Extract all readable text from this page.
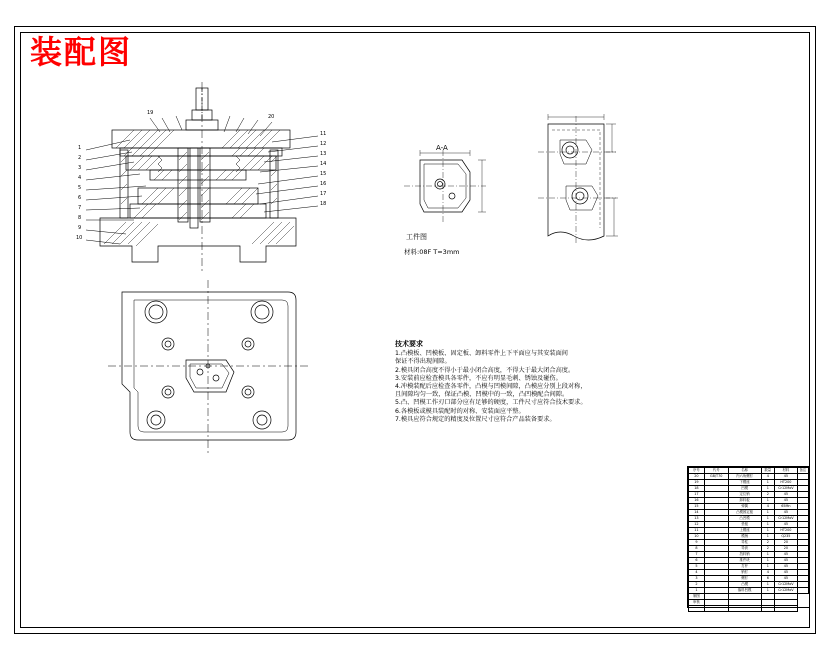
装配图
1
2
3
4
5
6
7
8
9
10
11
12
13
14
15
16
17
18
19
20
A-A
工件图
材料:08F T=3mm
技术要求
1.凸模板、凹模板、固定板、卸料零件上下平面应与其安装面间
保证不得出现间隙。
2.模具闭合高度不得小于最小闭合高度，不得大于最大闭合高度。
3.安装前应检查模具各零件，不应有明显毛刺、锈蚀及碰伤。
4.冲模装配后应检查各零件，凸模与凹模间隙，凸模应分别上段对称，
且间隙均匀一致，保证凸模、凹模中的一致，凸凹模配合间隙。
5.凸、凹模工作刃口部分应有足够的硬度，工件尺寸应符合技术要求。
6.各模板或模具装配时的对称、安装面应平整。
7.模具应符合规定的精度及位置尺寸应符合产品装备要求。
序号	代号	名称	数量	材料	备注
20	GB/T70	内六角螺钉	4	45	
19		下模座	1	HT200	
18		凹模	1	Cr12MoV	
17		定位销	2	45	
16		卸料板	1	45	
15		弹簧	4	65Mn	
14		凸模固定板	1	45	
13		凸凹模	1	Cr12MoV	
12		垫板	1	45	
11		上模座	1	HT200	
10		模柄	1	Q235	
9		导柱	2	20	
8		导套	2	20	
7		挡料销	1	45	
6		推件块	1	45	
5		打杆	1	45	
4		销钉	4	45	
3		螺钉	6	45	
2		凸模	1	Cr12MoV	
1		落料凹模	1	Cr12MoV	
制图					
审核					
